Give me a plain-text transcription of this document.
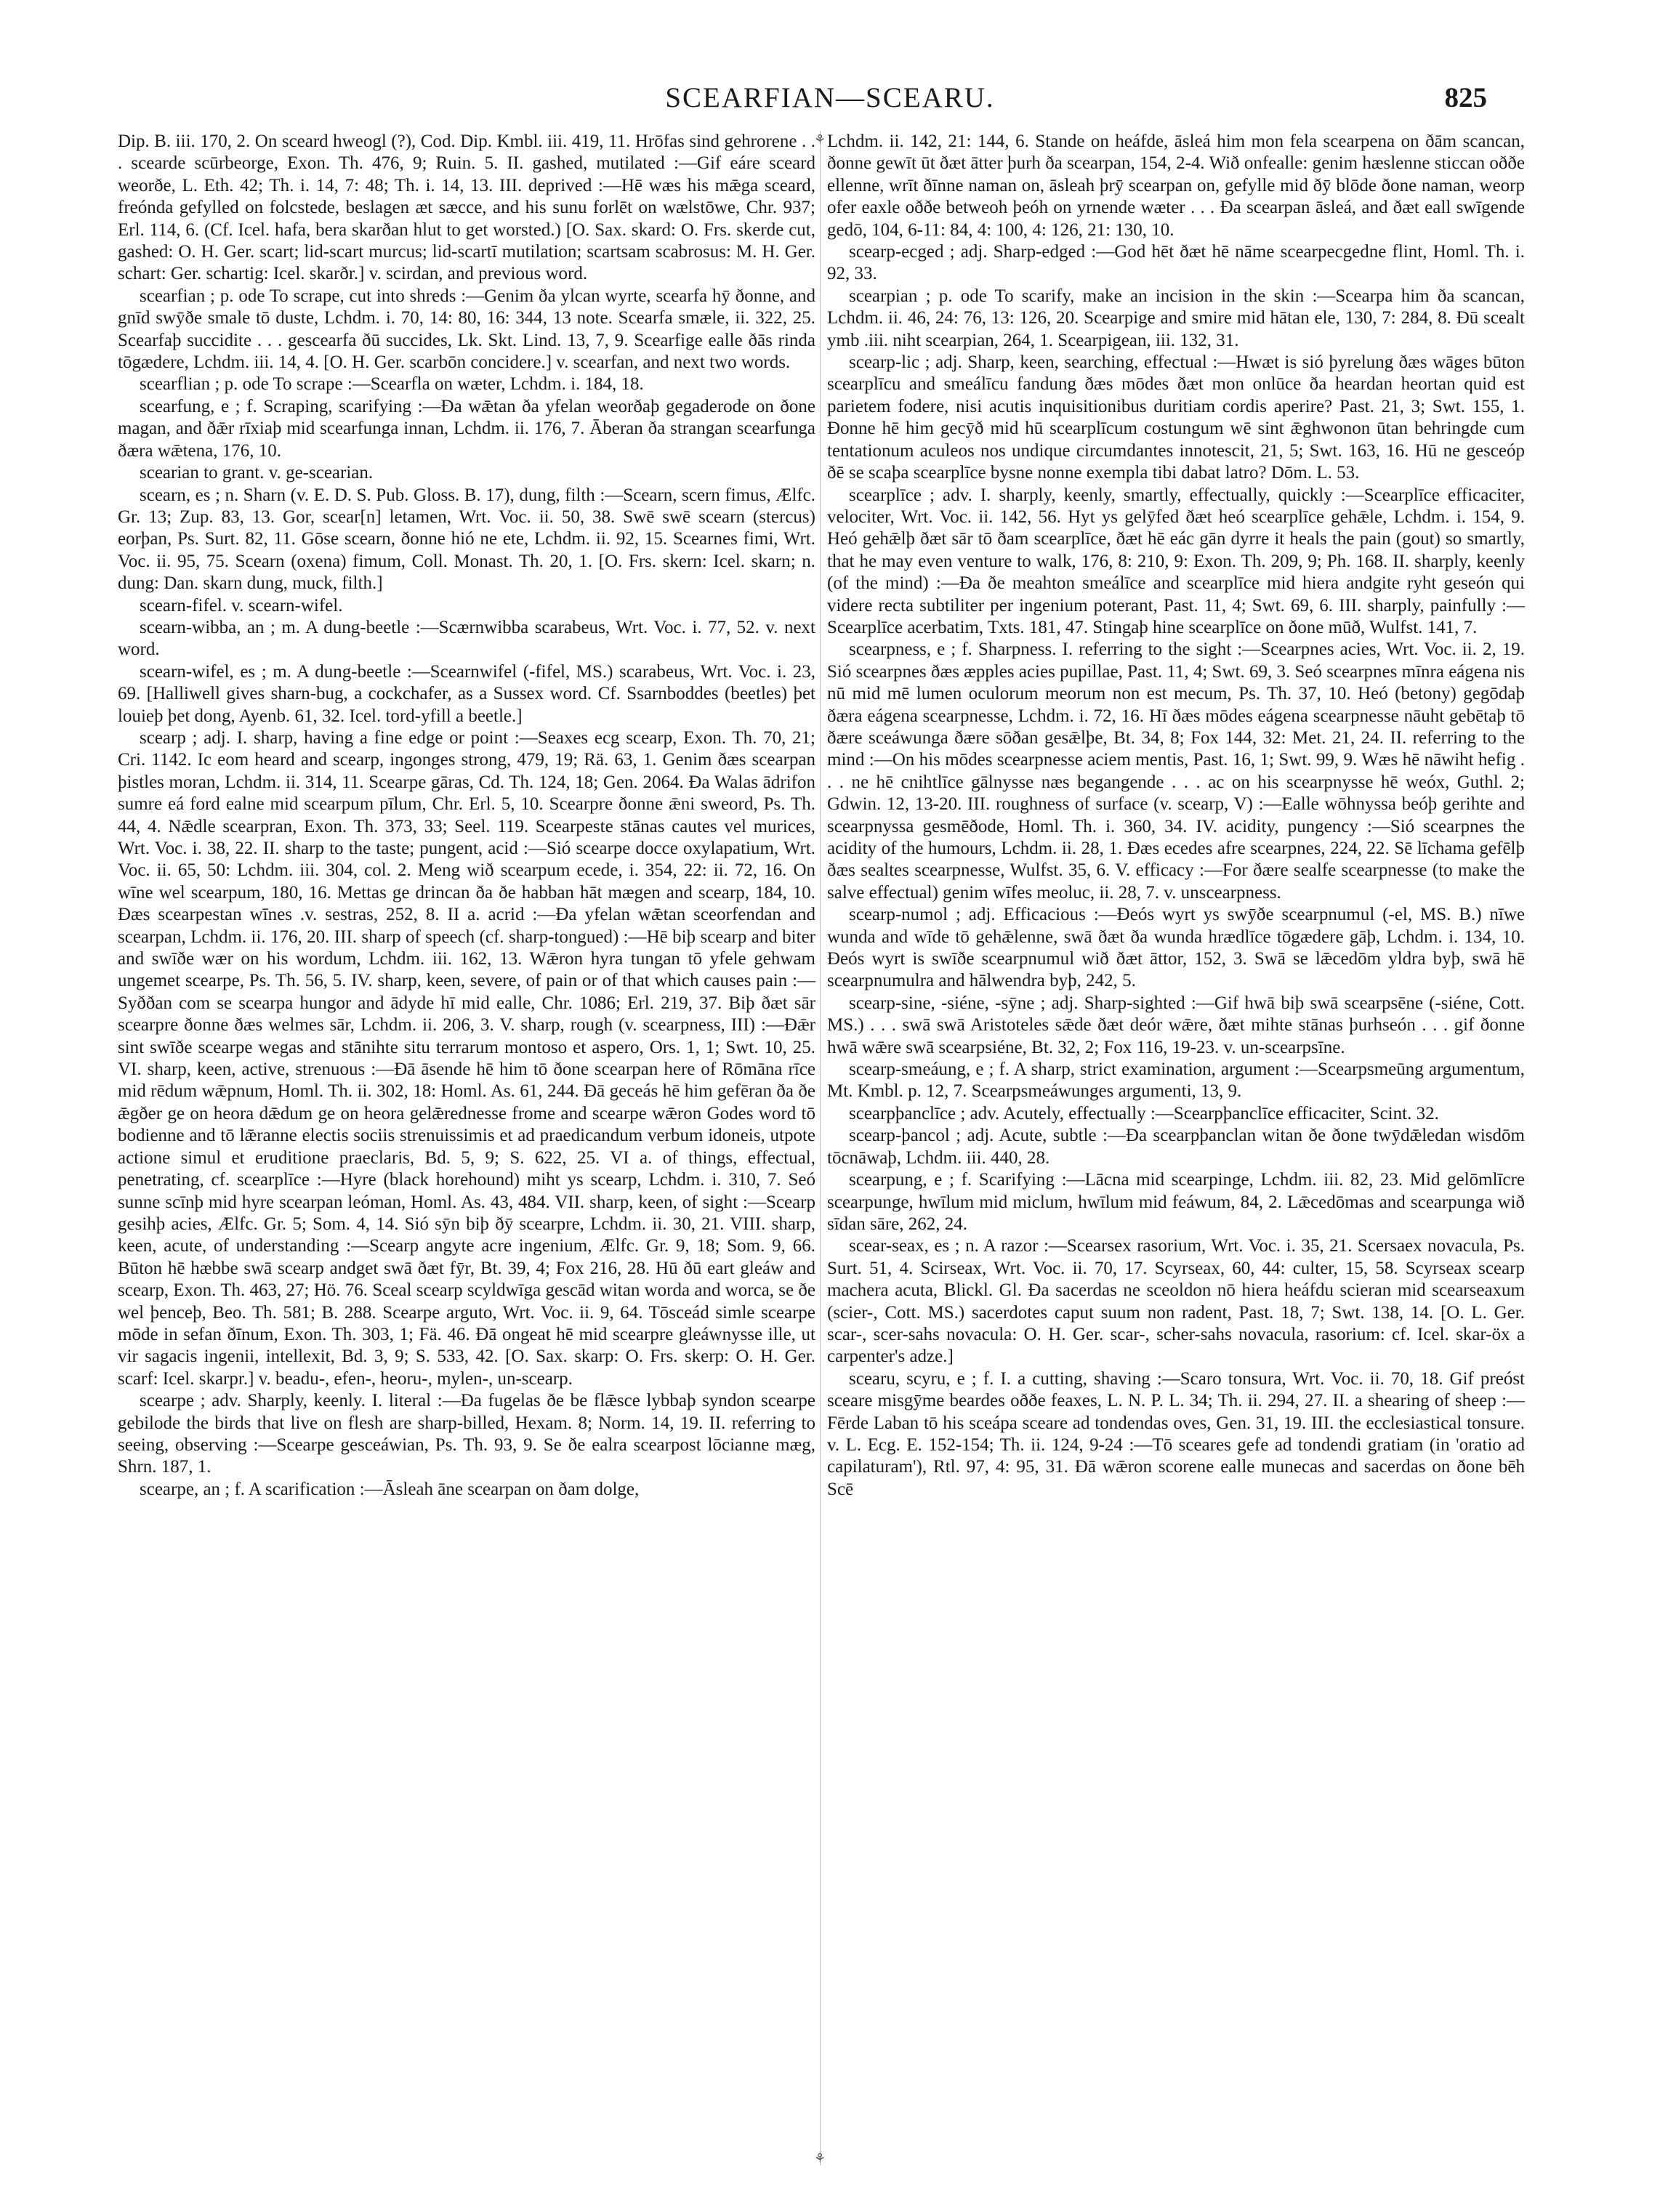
SCEARFIAN—SCEARU.	825
⚘
⚘

Dip. B. iii. 170, 2. On sceard hweogl (?), Cod. Dip. Kmbl. iii. 419, 11. Hrōfas sind gehrorene . . . scearde scūrbeorge, Exon. Th. 476, 9; Ruin. 5. II. gashed, mutilated :—Gif eáre sceard weorðe, L. Eth. 42; Th. i. 14, 7: 48; Th. i. 14, 13. III. deprived :—Hē wæs his mǣga sceard, freónda gefylled on folcstede, beslagen æt sæcce, and his sunu forlēt on wælstōwe, Chr. 937; Erl. 114, 6. (Cf. Icel. hafa, bera skarðan hlut to get worsted.) [O. Sax. skard: O. Frs. skerde cut, gashed: O. H. Ger. scart; lid-scart murcus; lid-scartī mutilation; scartsam scabrosus: M. H. Ger. schart: Ger. schartig: Icel. skarðr.] v. scirdan, and previous word.

scearfian ; p. ode To scrape, cut into shreds :—Genim ða ylcan wyrte, scearfa hȳ ðonne, and gnīd swȳðe smale tō duste, Lchdm. i. 70, 14: 80, 16: 344, 13 note. Scearfa smæle, ii. 322, 25. Scearfaþ succidite . . . gescearfa ðū succides, Lk. Skt. Lind. 13, 7, 9. Scearfige ealle ðās rinda tōgædere, Lchdm. iii. 14, 4. [O. H. Ger. scarbōn concidere.] v. scearfan, and next two words.

scearflian ; p. ode To scrape :—Scearfla on wæter, Lchdm. i. 184, 18.

scearfung, e ; f. Scraping, scarifying :—Ða wǣtan ða yfelan weorðaþ gegaderode on ðone magan, and ðǣr rīxiaþ mid scearfunga innan, Lchdm. ii. 176, 7. Āberan ða strangan scearfunga ðæra wǣtena, 176, 10.

scearian to grant. v. ge-scearian.

scearn, es ; n. Sharn (v. E. D. S. Pub. Gloss. B. 17), dung, filth :—Scearn, scern fimus, Ælfc. Gr. 13; Zup. 83, 13. Gor, scear[n] letamen, Wrt. Voc. ii. 50, 38. Swē swē scearn (stercus) eorþan, Ps. Surt. 82, 11. Gōse scearn, ðonne hió ne ete, Lchdm. ii. 92, 15. Scearnes fimi, Wrt. Voc. ii. 95, 75. Scearn (oxena) fimum, Coll. Monast. Th. 20, 1. [O. Frs. skern: Icel. skarn; n. dung: Dan. skarn dung, muck, filth.]

scearn-fifel. v. scearn-wifel.

scearn-wibba, an ; m. A dung-beetle :—Scærnwibba scarabeus, Wrt. Voc. i. 77, 52. v. next word.

scearn-wifel, es ; m. A dung-beetle :—Scearnwifel (-fifel, MS.) scarabeus, Wrt. Voc. i. 23, 69. [Halliwell gives sharn-bug, a cockchafer, as a Sussex word. Cf. Ssarnboddes (beetles) þet louieþ þet dong, Ayenb. 61, 32. Icel. tord-yfill a beetle.]

scearp ; adj. I. sharp, having a fine edge or point :—Seaxes ecg scearp, Exon. Th. 70, 21; Cri. 1142. Ic eom heard and scearp, ingonges strong, 479, 19; Rä. 63, 1. Genim ðæs scearpan þistles moran, Lchdm. ii. 314, 11. Scearpe gāras, Cd. Th. 124, 18; Gen. 2064. Ða Walas ādrifon sumre eá ford ealne mid scearpum pīlum, Chr. Erl. 5, 10. Scearpre ðonne ǣni sweord, Ps. Th. 44, 4. Nǣdle scearpran, Exon. Th. 373, 33; Seel. 119. Scearpeste stānas cautes vel murices, Wrt. Voc. i. 38, 22. II. sharp to the taste; pungent, acid :—Sió scearpe docce oxylapatium, Wrt. Voc. ii. 65, 50: Lchdm. iii. 304, col. 2. Meng wið scearpum ecede, i. 354, 22: ii. 72, 16. On wīne wel scearpum, 180, 16. Mettas ge drincan ða ðe habban hāt mægen and scearp, 184, 10. Ðæs scearpestan wīnes .v. sestras, 252, 8. II a. acrid :—Ða yfelan wǣtan sceorfendan and scearpan, Lchdm. ii. 176, 20. III. sharp of speech (cf. sharp-tongued) :—Hē biþ scearp and biter and swīðe wær on his wordum, Lchdm. iii. 162, 13. Wǣron hyra tungan tō yfele gehwam ungemet scearpe, Ps. Th. 56, 5. IV. sharp, keen, severe, of pain or of that which causes pain :—Syððan com se scearpa hungor and ādyde hī mid ealle, Chr. 1086; Erl. 219, 37. Biþ ðæt sār scearpre ðonne ðæs welmes sār, Lchdm. ii. 206, 3. V. sharp, rough (v. scearpness, III) :—Ðǣr sint swīðe scearpe wegas and stānihte situ terrarum montoso et aspero, Ors. 1, 1; Swt. 10, 25. VI. sharp, keen, active, strenuous :—Ðā āsende hē him tō ðone scearpan here of Rōmāna rīce mid rēdum wǣpnum, Homl. Th. ii. 302, 18: Homl. As. 61, 244. Ðā geceás hē him gefēran ða ðe ǣgðer ge on heora dǣdum ge on heora gelǣrednesse frome and scearpe wǣron Godes word tō bodienne and tō lǣranne electis sociis strenuissimis et ad praedicandum verbum idoneis, utpote actione simul et eruditione praeclaris, Bd. 5, 9; S. 622, 25. VI a. of things, effectual, penetrating, cf. scearplīce :—Hyre (black horehound) miht ys scearp, Lchdm. i. 310, 7. Seó sunne scīnþ mid hyre scearpan leóman, Homl. As. 43, 484. VII. sharp, keen, of sight :—Scearp gesihþ acies, Ælfc. Gr. 5; Som. 4, 14. Sió sȳn biþ ðȳ scearpre, Lchdm. ii. 30, 21. VIII. sharp, keen, acute, of understanding :—Scearp angyte acre ingenium, Ælfc. Gr. 9, 18; Som. 9, 66. Būton hē hæbbe swā scearp andget swā ðæt fȳr, Bt. 39, 4; Fox 216, 28. Hū ðū eart gleáw and scearp, Exon. Th. 463, 27; Hö. 76. Sceal scearp scyldwīga gescād witan worda and worca, se ðe wel þenceþ, Beo. Th. 581; B. 288. Scearpe arguto, Wrt. Voc. ii. 9, 64. Tōsceád simle scearpe mōde in sefan ðīnum, Exon. Th. 303, 1; Fä. 46. Ðā ongeat hē mid scearpre gleáwnysse ille, ut vir sagacis ingenii, intellexit, Bd. 3, 9; S. 533, 42. [O. Sax. skarp: O. Frs. skerp: O. H. Ger. scarf: Icel. skarpr.] v. beadu-, efen-, heoru-, mylen-, un-scearp.

scearpe ; adv. Sharply, keenly. I. literal :—Ða fugelas ðe be flǣsce lybbaþ syndon scearpe gebilode the birds that live on flesh are sharp-billed, Hexam. 8; Norm. 14, 19. II. referring to seeing, observing :—Scearpe gesceáwian, Ps. Th. 93, 9. Se ðe ealra scearpost lōcianne mæg, Shrn. 187, 1.

scearpe, an ; f. A scarification :—Āsleah āne scearpan on ðam dolge,

Lchdm. ii. 142, 21: 144, 6. Stande on heáfde, āsleá him mon fela scearpena on ðām scancan, ðonne gewīt ūt ðæt ātter þurh ða scearpan, 154, 2-4. Wið onfealle: genim hæslenne sticcan oððe ellenne, wrīt ðīnne naman on, āsleah þrȳ scearpan on, gefylle mid ðȳ blōde ðone naman, weorp ofer eaxle oððe betweoh þeóh on yrnende wæter . . . Ða scearpan āsleá, and ðæt eall swīgende gedō, 104, 6-11: 84, 4: 100, 4: 126, 21: 130, 10.

scearp-ecged ; adj. Sharp-edged :—God hēt ðæt hē nāme scearpecgedne flint, Homl. Th. i. 92, 33.

scearpian ; p. ode To scarify, make an incision in the skin :—Scearpa him ða scancan, Lchdm. ii. 46, 24: 76, 13: 126, 20. Scearpige and smire mid hātan ele, 130, 7: 284, 8. Ðū scealt ymb .iii. niht scearpian, 264, 1. Scearpigean, iii. 132, 31.

scearp-lic ; adj. Sharp, keen, searching, effectual :—Hwæt is sió þyrelung ðæs wāges būton scearplīcu and smeálīcu fandung ðæs mōdes ðæt mon onlūce ða heardan heortan quid est parietem fodere, nisi acutis inquisitionibus duritiam cordis aperire? Past. 21, 3; Swt. 155, 1. Ðonne hē him gecȳð mid hū scearplīcum costungum wē sint ǣghwonon ūtan behringde cum tentationum aculeos nos undique circumdantes innotescit, 21, 5; Swt. 163, 16. Hū ne gesceóp ðē se scaþa scearplīce bysne nonne exempla tibi dabat latro? Dōm. L. 53.

scearplīce ; adv. I. sharply, keenly, smartly, effectually, quickly :—Scearplīce efficaciter, velociter, Wrt. Voc. ii. 142, 56. Hyt ys gelȳfed ðæt heó scearplīce gehǣle, Lchdm. i. 154, 9. Heó gehǣlþ ðæt sār tō ðam scearplīce, ðæt hē eác gān dyrre it heals the pain (gout) so smartly, that he may even venture to walk, 176, 8: 210, 9: Exon. Th. 209, 9; Ph. 168. II. sharply, keenly (of the mind) :—Ða ðe meahton smeálīce and scearplīce mid hiera andgite ryht geseón qui videre recta subtiliter per ingenium poterant, Past. 11, 4; Swt. 69, 6. III. sharply, painfully :—Scearplīce acerbatim, Txts. 181, 47. Stingaþ hine scearplīce on ðone mūð, Wulfst. 141, 7.

scearpness, e ; f. Sharpness. I. referring to the sight :—Scearpnes acies, Wrt. Voc. ii. 2, 19. Sió scearpnes ðæs æpples acies pupillae, Past. 11, 4; Swt. 69, 3. Seó scearpnes mīnra eágena nis nū mid mē lumen oculorum meorum non est mecum, Ps. Th. 37, 10. Heó (betony) gegōdaþ ðæra eágena scearpnesse, Lchdm. i. 72, 16. Hī ðæs mōdes eágena scearpnesse nāuht gebētaþ tō ðære sceáwunga ðære sōðan gesǣlþe, Bt. 34, 8; Fox 144, 32: Met. 21, 24. II. referring to the mind :—On his mōdes scearpnesse aciem mentis, Past. 16, 1; Swt. 99, 9. Wæs hē nāwiht hefig . . . ne hē cnihtlīce gālnysse næs begangende . . . ac on his scearpnysse hē weóx, Guthl. 2; Gdwin. 12, 13-20. III. roughness of surface (v. scearp, V) :—Ealle wōhnyssa beóþ gerihte and scearpnyssa gesmēðode, Homl. Th. i. 360, 34. IV. acidity, pungency :—Sió scearpnes the acidity of the humours, Lchdm. ii. 28, 1. Ðæs ecedes afre scearpnes, 224, 22. Sē līchama gefēlþ ðæs sealtes scearpnesse, Wulfst. 35, 6. V. efficacy :—For ðære sealfe scearpnesse (to make the salve effectual) genim wīfes meoluc, ii. 28, 7. v. unscearpness.

scearp-numol ; adj. Efficacious :—Ðeós wyrt ys swȳðe scearpnumul (-el, MS. B.) nīwe wunda and wīde tō gehǣlenne, swā ðæt ða wunda hrædlīce tōgædere gāþ, Lchdm. i. 134, 10. Ðeós wyrt is swīðe scearpnumul wið ðæt āttor, 152, 3. Swā se lǣcedōm yldra byþ, swā hē scearpnumulra and hālwendra byþ, 242, 5.

scearp-sine, -siéne, -sȳne ; adj. Sharp-sighted :—Gif hwā biþ swā scearpsēne (-siéne, Cott. MS.) . . . swā swā Aristoteles sǣde ðæt deór wǣre, ðæt mihte stānas þurhseón . . . gif ðonne hwā wǣre swā scearpsiéne, Bt. 32, 2; Fox 116, 19-23. v. un-scearpsīne.

scearp-smeáung, e ; f. A sharp, strict examination, argument :—Scearpsmeūng argumentum, Mt. Kmbl. p. 12, 7. Scearpsmeáwunges argumenti, 13, 9.

scearpþanclīce ; adv. Acutely, effectually :—Scearpþanclīce efficaciter, Scint. 32.

scearp-þancol ; adj. Acute, subtle :—Ða scearpþanclan witan ðe ðone twȳdǣledan wisdōm tōcnāwaþ, Lchdm. iii. 440, 28.

scearpung, e ; f. Scarifying :—Lācna mid scearpinge, Lchdm. iii. 82, 23. Mid gelōmlīcre scearpunge, hwīlum mid miclum, hwīlum mid feáwum, 84, 2. Lǣcedōmas and scearpunga wið sīdan sāre, 262, 24.

scear-seax, es ; n. A razor :—Scearsex rasorium, Wrt. Voc. i. 35, 21. Scersaex novacula, Ps. Surt. 51, 4. Scirseax, Wrt. Voc. ii. 70, 17. Scyrseax, 60, 44: culter, 15, 58. Scyrseax scearp machera acuta, Blickl. Gl. Ða sacerdas ne sceoldon nō hiera heáfdu scieran mid scearseaxum (scier-, Cott. MS.) sacerdotes caput suum non radent, Past. 18, 7; Swt. 138, 14. [O. L. Ger. scar-, scer-sahs novacula: O. H. Ger. scar-, scher-sahs novacula, rasorium: cf. Icel. skar-öx a carpenter's adze.]

scearu, scyru, e ; f. I. a cutting, shaving :—Scaro tonsura, Wrt. Voc. ii. 70, 18. Gif preóst sceare misgȳme beardes oððe feaxes, L. N. P. L. 34; Th. ii. 294, 27. II. a shearing of sheep :—Fērde Laban tō his sceápa sceare ad tondendas oves, Gen. 31, 19. III. the ecclesiastical tonsure. v. L. Ecg. E. 152-154; Th. ii. 124, 9-24 :—Tō sceares gefe ad tondendi gratiam (in 'oratio ad capilaturam'), Rtl. 97, 4: 95, 31. Ðā wǣron scorene ealle munecas and sacerdas on ðone bēh Scē
